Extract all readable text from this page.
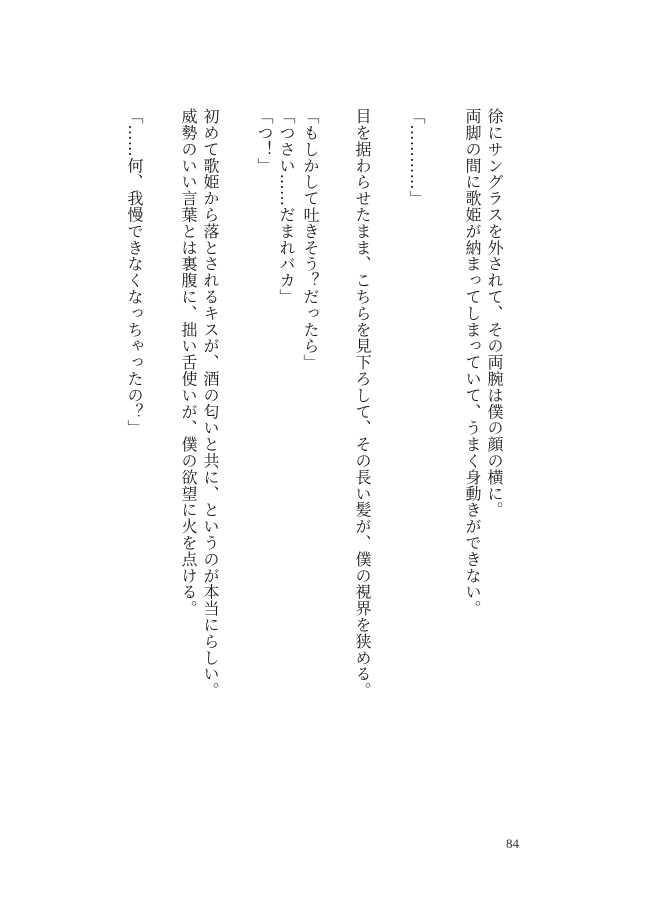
徐にサングラスを外されて、その両腕は僕の顔の横に。
両脚の間に歌姫が納まってしまっていて、うまく身動きができない。
「…………」
目を据わらせたまま、こちらを見下ろして、その長い髪が、僕の視界を狭める。
「もしかして吐きそう？だったら」
「つさい……だまれバカ」
「つ！」
初めて歌姫から落とされるキスが、酒の匂いと共に、というのが本当にらしい。
威勢のいい言葉とは裏腹に、拙い舌使いが、僕の欲望に火を点ける。
「……何、我慢できなくなっちゃったの？」
84
